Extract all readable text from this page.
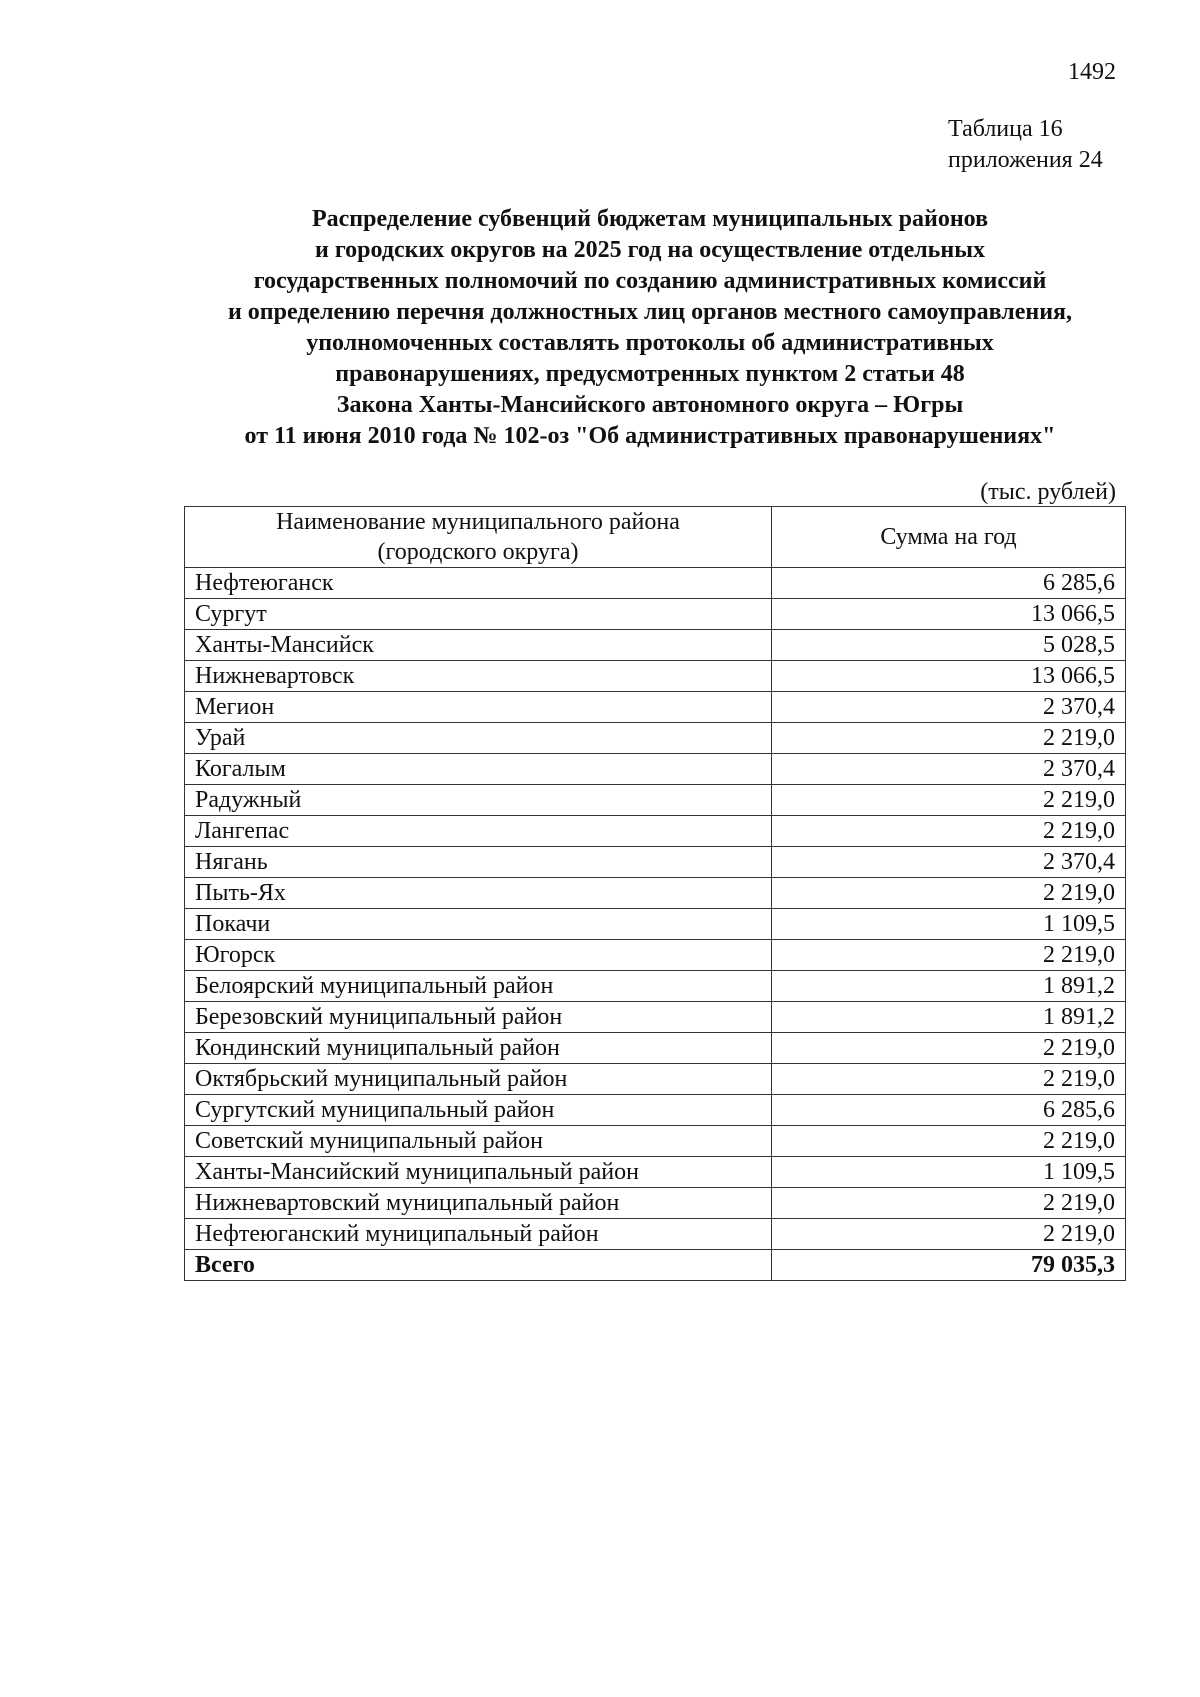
1492
Таблица 16
приложения 24
Распределение субвенций бюджетам муниципальных районов
и городских округов на 2025 год на осуществление отдельных
государственных полномочий по созданию административных комиссий
и определению перечня должностных лиц органов местного самоуправления,
уполномоченных составлять протоколы об административных
правонарушениях, предусмотренных пунктом 2 статьи 48
Закона Ханты-Мансийского автономного округа – Югры
от 11 июня 2010 года № 102-оз "Об административных правонарушениях"
(тыс. рублей)
Наименование муниципального района
(городского округа)	Сумма на год
Нефтеюганск	6 285,6
Сургут	13 066,5
Ханты-Мансийск	5 028,5
Нижневартовск	13 066,5
Мегион	2 370,4
Урай	2 219,0
Когалым	2 370,4
Радужный	2 219,0
Лангепас	2 219,0
Нягань	2 370,4
Пыть-Ях	2 219,0
Покачи	1 109,5
Югорск	2 219,0
Белоярский муниципальный район	1 891,2
Березовский муниципальный район	1 891,2
Кондинский муниципальный район	2 219,0
Октябрьский муниципальный район	2 219,0
Сургутский муниципальный район	6 285,6
Советский муниципальный район	2 219,0
Ханты-Мансийский муниципальный район	1 109,5
Нижневартовский муниципальный район	2 219,0
Нефтеюганский муниципальный район	2 219,0
Всего	79 035,3
